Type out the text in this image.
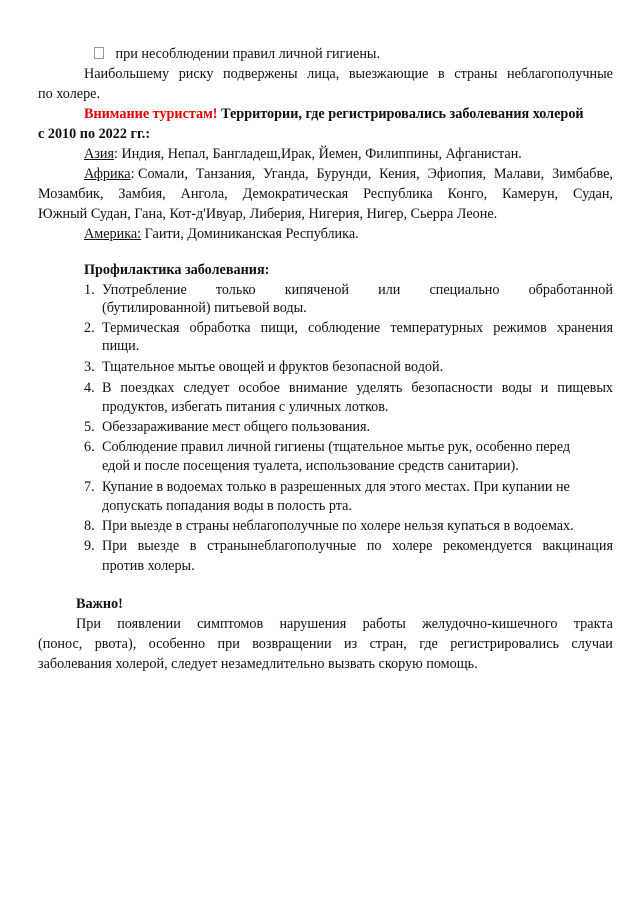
при несоблюдении правил личной гигиены.
Наибольшему риску подвержены лица, выезжающие в страны неблагополучные
по холере.
Внимание туристам! Территории, где регистрировались заболевания холерой
с 2010 по 2022 гг.:
Азия: Индия, Непал, Бангладеш,Ирак, Йемен, Филиппины, Афганистан.
Африка: Сомали, Танзания, Уганда, Бурунди, Кения, Эфиопия, Малави, Зимбабве,
Мозамбик, Замбия, Ангола, Демократическая Республика Конго, Камерун, Судан,
Южный Судан, Гана, Кот-д'Ивуар, Либерия, Нигерия, Нигер, Сьерра Леоне.
Америка: Гаити, Доминиканская Республика.
Профилактика заболевания:
1. Употребление только кипяченой или специально обработанной
(бутилированной) питьевой воды.
2. Термическая обработка пищи, соблюдение температурных режимов хранения
пищи.
3. Тщательное мытье овощей и фруктов безопасной водой.
4. В поездках следует особое внимание уделять безопасности воды и пищевых
продуктов, избегать питания с уличных лотков.
5. Обеззараживание мест общего пользования.
6. Соблюдение правил личной гигиены (тщательное мытье рук, особенно перед
едой и после посещения туалета, использование средств санитарии).
7. Купание в водоемах только в разрешенных для этого местах. При купании не
допускать попадания воды в полость рта.
8. При выезде в страны неблагополучные по холере нельзя купаться в водоемах.
9. При выезде в странынеблагополучные по холере рекомендуется вакцинация
против холеры.
Важно!
При появлении симптомов нарушения работы желудочно-кишечного тракта
(понос, рвота), особенно при возвращении из стран, где регистрировались случаи
заболевания холерой, следует незамедлительно вызвать скорую помощь.
